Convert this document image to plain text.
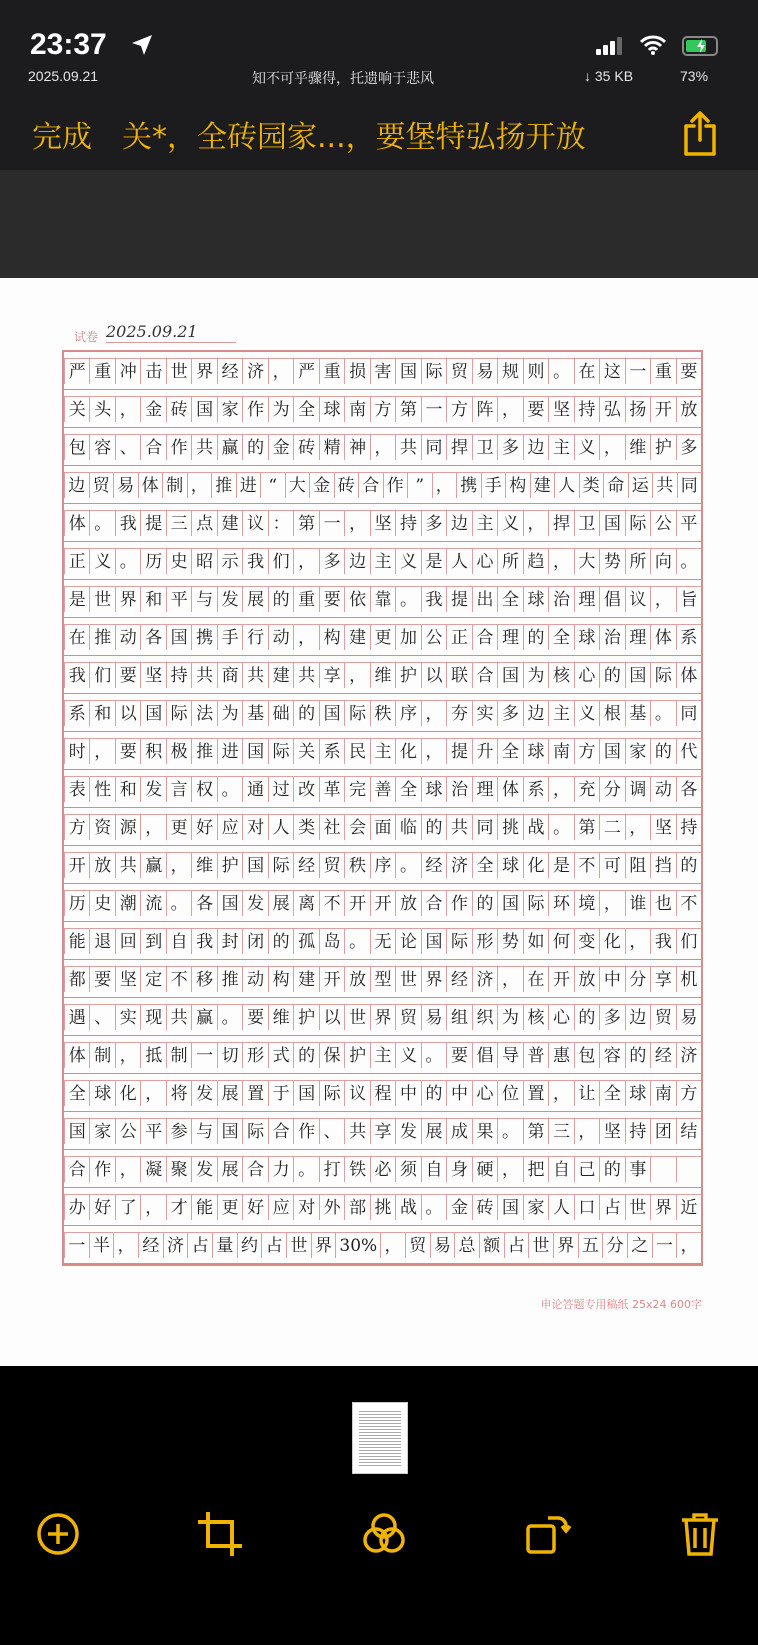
23:37
2025.09.21	知不可乎骤得，托遗响于悲风	↓ 35 KB	73%
完成 关*，全砖园家...，要堡特弘扬开放
试卷 2025.09.21
严 重 冲 击 世 界 经 济 ， 严 重 损 害 国 际 贸 易 规 则 。 在 这 一 重 要
关 头 ， 金 砖 国 家 作 为 全 球 南 方 第 一 方 阵 ， 要 坚 持 弘 扬 开 放
包 容 、 合 作 共 赢 的 金 砖 精 神 ， 共 同 捍 卫 多 边 主 义 ， 维 护 多
边 贸 易 体 制 ， 推 进 “ 大 金 砖 合 作 ” ， 携 手 构 建 人 类 命 运 共 同
体 。 我 提 三 点 建 议 ： 第 一 ， 坚 持 多 边 主 义 ， 捍 卫 国 际 公 平
正 义 。 历 史 昭 示 我 们 ， 多 边 主 义 是 人 心 所 趋 ， 大 势 所 向 。
是 世 界 和 平 与 发 展 的 重 要 依 靠 。 我 提 出 全 球 治 理 倡 议 ， 旨
在 推 动 各 国 携 手 行 动 ， 构 建 更 加 公 正 合 理 的 全 球 治 理 体 系
我 们 要 坚 持 共 商 共 建 共 享 ， 维 护 以 联 合 国 为 核 心 的 国 际 体
系 和 以 国 际 法 为 基 础 的 国 际 秩 序 ， 夯 实 多 边 主 义 根 基 。 同
时 ， 要 积 极 推 进 国 际 关 系 民 主 化 ， 提 升 全 球 南 方 国 家 的 代
表 性 和 发 言 权 。 通 过 改 革 完 善 全 球 治 理 体 系 ， 充 分 调 动 各
方 资 源 ， 更 好 应 对 人 类 社 会 面 临 的 共 同 挑 战 。 第 二 ， 坚 持
开 放 共 赢 ， 维 护 国 际 经 贸 秩 序 。 经 济 全 球 化 是 不 可 阻 挡 的
历 史 潮 流 。 各 国 发 展 离 不 开 开 放 合 作 的 国 际 环 境 ， 谁 也 不
能 退 回 到 自 我 封 闭 的 孤 岛 。 无 论 国 际 形 势 如 何 变 化 ， 我 们
都 要 坚 定 不 移 推 动 构 建 开 放 型 世 界 经 济 ， 在 开 放 中 分 享 机
遇 、 实 现 共 赢 。 要 维 护 以 世 界 贸 易 组 织 为 核 心 的 多 边 贸 易
体 制 ， 抵 制 一 切 形 式 的 保 护 主 义 。 要 倡 导 普 惠 包 容 的 经 济
全 球 化 ， 将 发 展 置 于 国 际 议 程 中 的 中 心 位 置 ， 让 全 球 南 方
国 家 公 平 参 与 国 际 合 作 、 共 享 发 展 成 果 。 第 三 ， 坚 持 团 结
合 作 ， 凝 聚 发 展 合 力 。 打 铁 必 须 自 身 硬 ， 把 自 己 的 事
办 好 了 ， 才 能 更 好 应 对 外 部 挑 战 。 金 砖 国 家 人 口 占 世 界 近
一 半 ， 经 济 占 量 约 占 世 界 30% ， 贸 易 总 额 占 世 界 五 分 之 一 ，
申论答题专用稿纸 25x24 600字
